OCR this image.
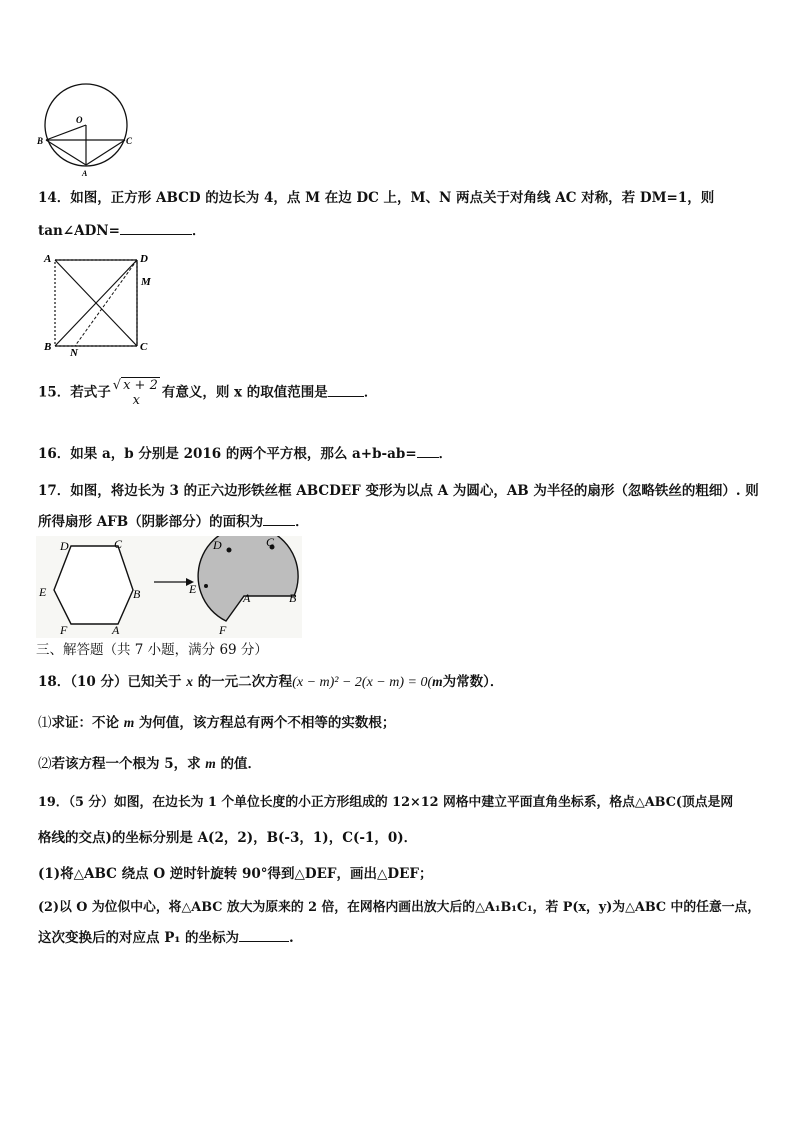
O
B	C
A
14．如图，正方形 ABCD 的边长为 4，点 M 在边 DC 上，M、N 两点关于对角线 AC 对称，若 DM=1，则
tan∠ADN=	．
A	D
M
B N	C
15．若式子 √ x + 2
x	有意义，则 x 的取值范围是	．
16．如果 a，b 分别是 2016 的两个平方根，那么 a+b-ab= ．
17．如图，将边长为 3 的正六边形铁丝框 ABCDEF 变形为以点 A 为圆心，AB 为半径的扇形（忽略铁丝的粗细）. 则
所得扇形 AFB（阴影部分）的面积为 ．
D	C
E	B
F	A
D	C
E
A	B
F
三、解答题（共 7 小题，满分 69 分）
18．（10 分）已知关于 x 的一元二次方程(x − m)² − 2(x − m) = 0(m为常数）．
⑴求证：不论 m 为何值，该方程总有两个不相等的实数根；
⑵若该方程一个根为 5，求 m 的值．
19．（5 分）如图，在边长为 1 个单位长度的小正方形组成的 12×12 网格中建立平面直角坐标系，格点△ABC(顶点是网
格线的交点)的坐标分别是 A(2，2)，B(-3，1)，C(-1，0)．
(1)将△ABC 绕点 O 逆时针旋转 90°得到△DEF，画出△DEF；
(2)以 O 为位似中心，将△ABC 放大为原来的 2 倍，在网格内画出放大后的△A₁B₁C₁，若 P(x，y)为△ABC 中的任意一点，
这次变换后的对应点 P₁ 的坐标为	.
